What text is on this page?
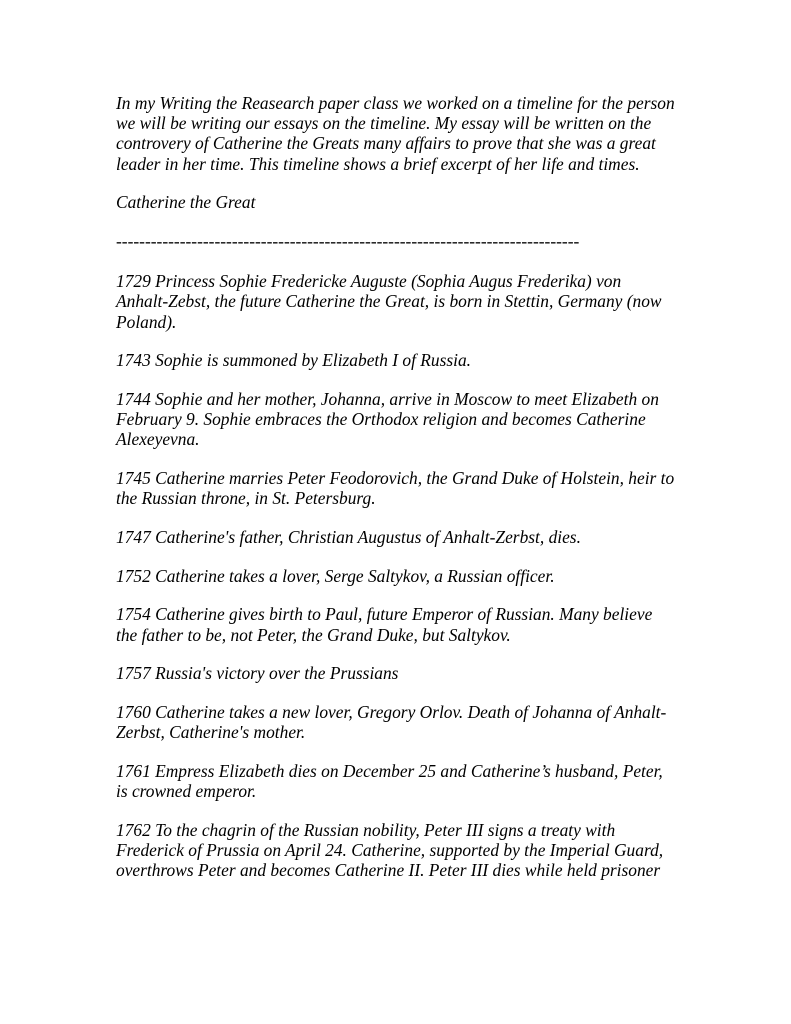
In my Writing the Reasearch paper class we worked on a timeline for the person we will be writing our essays on the timeline. My essay will be written on the controvery of Catherine the Greats many affairs to prove that she was a great leader in her time. This timeline shows a brief excerpt of her life and times.

Catherine the Great

--------------------------------------------------------------------------------

1729 Princess Sophie Fredericke Auguste (Sophia Augus Frederika) von Anhalt-Zebst, the future Catherine the Great, is born in Stettin, Germany (now Poland).

1743 Sophie is summoned by Elizabeth I of Russia.

1744 Sophie and her mother, Johanna, arrive in Moscow to meet Elizabeth on February 9. Sophie embraces the Orthodox religion and becomes Catherine Alexeyevna.

1745 Catherine marries Peter Feodorovich, the Grand Duke of Holstein, heir to the Russian throne, in St. Petersburg.

1747 Catherine's father, Christian Augustus of Anhalt-Zerbst, dies.

1752 Catherine takes a lover, Serge Saltykov, a Russian officer.

1754 Catherine gives birth to Paul, future Emperor of Russian. Many believe the father to be, not Peter, the Grand Duke, but Saltykov.

1757 Russia's victory over the Prussians

1760 Catherine takes a new lover, Gregory Orlov. Death of Johanna of Anhalt-Zerbst, Catherine's mother.

1761 Empress Elizabeth dies on December 25 and Catherine’s husband, Peter, is crowned emperor.

1762 To the chagrin of the Russian nobility, Peter III signs a treaty with Frederick of Prussia on April 24. Catherine, supported by the Imperial Guard, overthrows Peter and becomes Catherine II. Peter III dies while held prisoner
